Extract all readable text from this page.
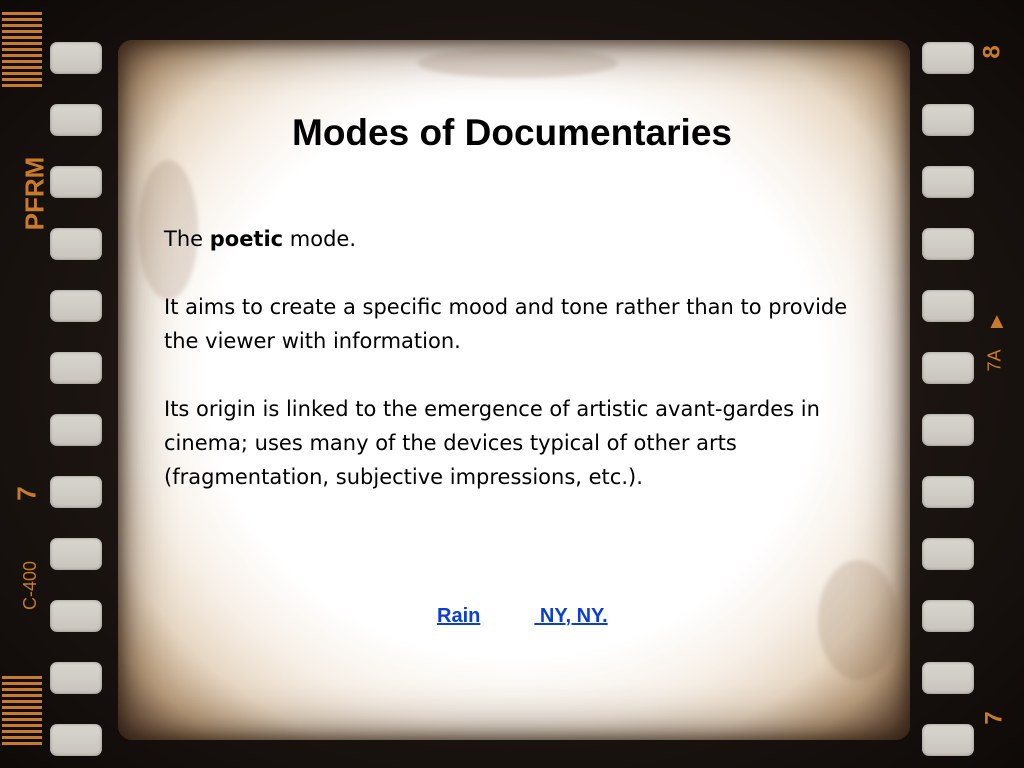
PFRM
7
C-400
8
▲
7A
7
Modes of Documentaries

The poetic mode.

It aims to create a specific mood and tone rather than to provide the viewer with information.

Its origin is linked to the emergence of artistic avant-gardes in cinema; uses many of the devices typical of other arts (fragmentation, subjective impressions, etc.).

Rain	NY, NY.
